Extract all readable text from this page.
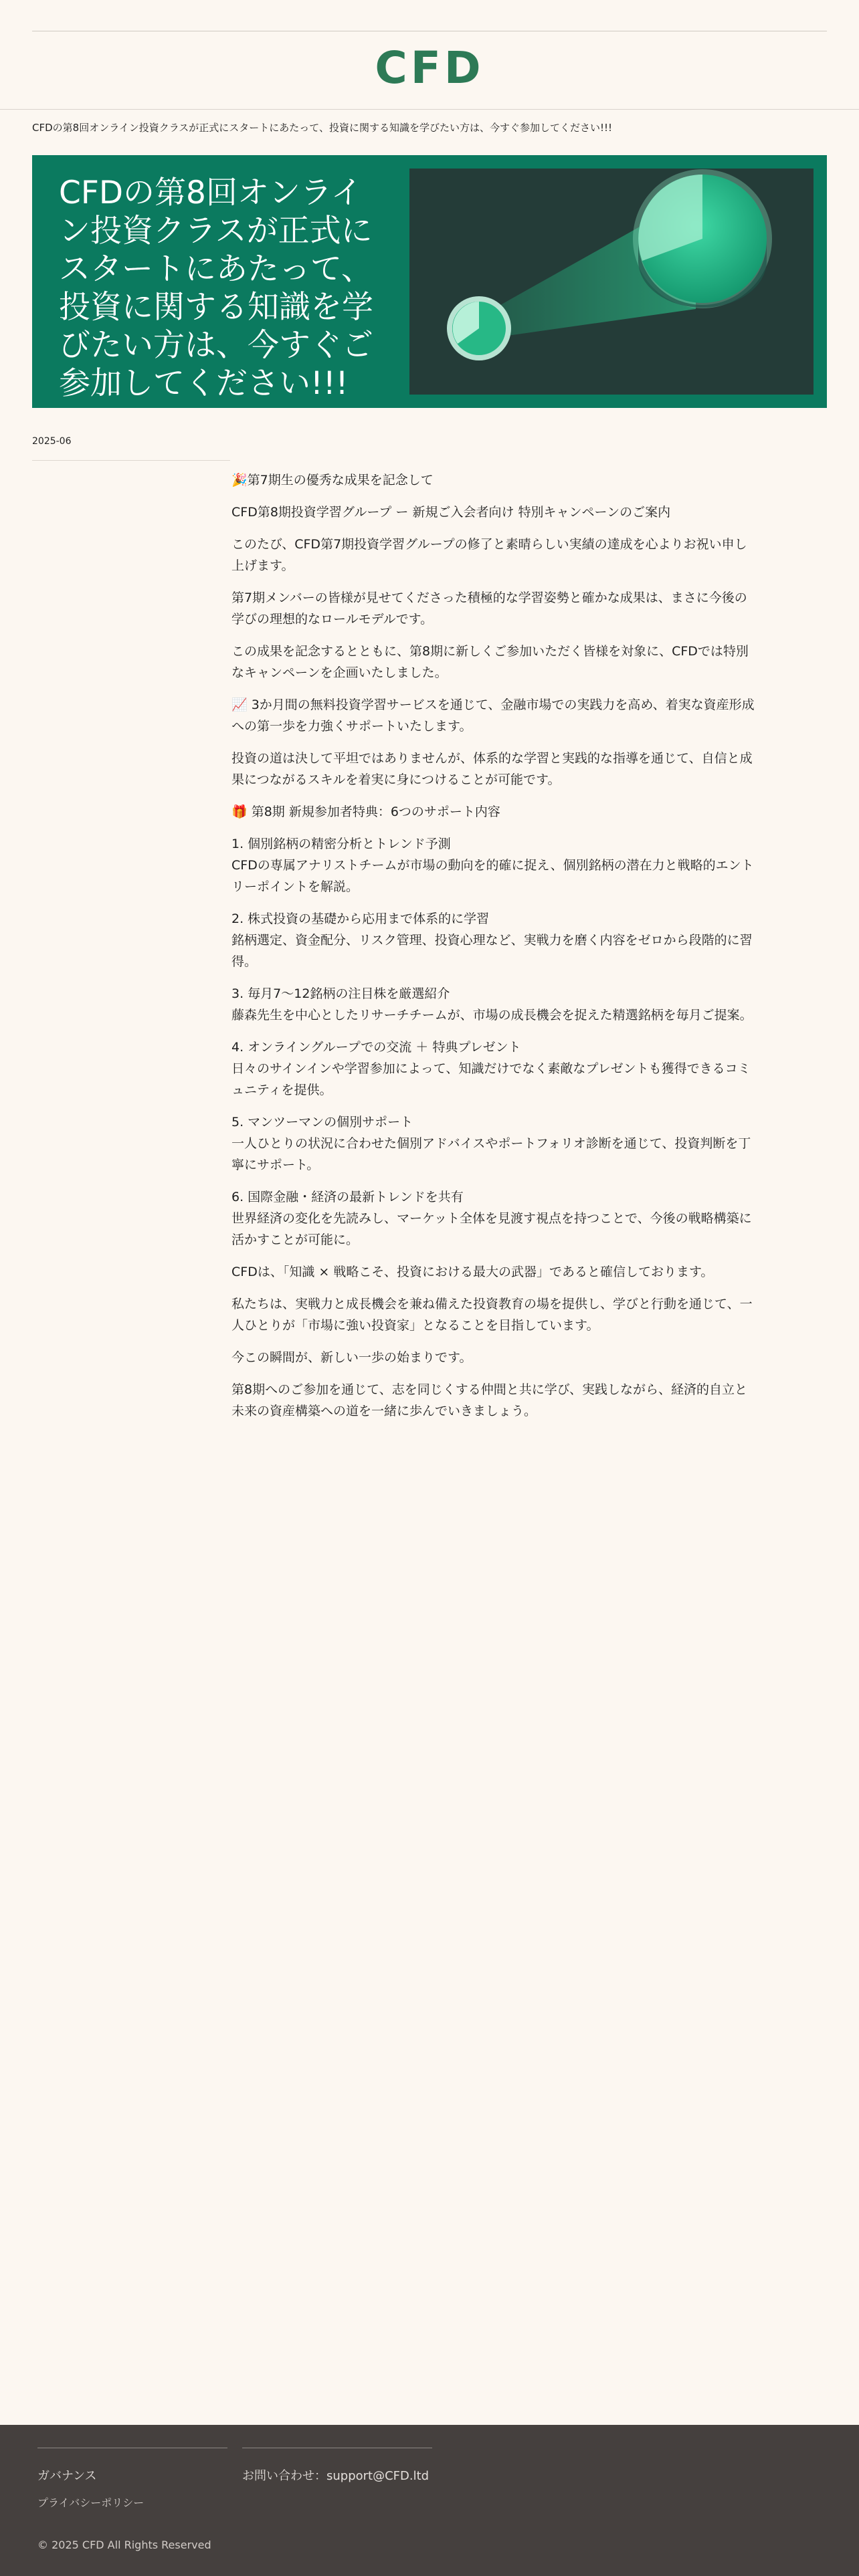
CFD
CFDの第8回オンライン投資クラスが正式にスタートにあたって、投資に関する知識を学びたい方は、今すぐ参加してください!!!
CFDの第8回オンライン投資クラスが正式にスタートにあたって、投資に関する知識を学びたい方は、今すぐご参加してください!!!
2025-06

🎉第7期生の優秀な成果を記念して

CFD第8期投資学習グループ ー 新規ご入会者向け 特別キャンペーンのご案内

このたび、CFD第7期投資学習グループの修了と素晴らしい実績の達成を心よりお祝い申し上げます。

第7期メンバーの皆様が見せてくださった積極的な学習姿勢と確かな成果は、まさに今後の学びの理想的なロールモデルです。

この成果を記念するとともに、第8期に新しくご参加いただく皆様を対象に、CFDでは特別なキャンペーンを企画いたしました。

📈 3か月間の無料投資学習サービスを通じて、金融市場での実践力を高め、着実な資産形成への第一歩を力強くサポートいたします。

投資の道は決して平坦ではありませんが、体系的な学習と実践的な指導を通じて、自信と成果につながるスキルを着実に身につけることが可能です。

🎁 第8期 新規参加者特典：6つのサポート内容

1. 個別銘柄の精密分析とトレンド予測
CFDの専属アナリストチームが市場の動向を的確に捉え、個別銘柄の潜在力と戦略的エントリーポイントを解説。

2. 株式投資の基礎から応用まで体系的に学習
銘柄選定、資金配分、リスク管理、投資心理など、実戦力を磨く内容をゼロから段階的に習得。

3. 毎月7〜12銘柄の注目株を厳選紹介
藤森先生を中心としたリサーチチームが、市場の成長機会を捉えた精選銘柄を毎月ご提案。

4. オンライングループでの交流 ＋ 特典プレゼント
日々のサインインや学習参加によって、知識だけでなく素敵なプレゼントも獲得できるコミュニティを提供。

5. マンツーマンの個別サポート
一人ひとりの状況に合わせた個別アドバイスやポートフォリオ診断を通じて、投資判断を丁寧にサポート。

6. 国際金融・経済の最新トレンドを共有
世界経済の変化を先読みし、マーケット全体を見渡す視点を持つことで、今後の戦略構築に活かすことが可能に。

CFDは、「知識 × 戦略こそ、投資における最大の武器」であると確信しております。

私たちは、実戦力と成長機会を兼ね備えた投資教育の場を提供し、学びと行動を通じて、一人ひとりが「市場に強い投資家」となることを目指しています。

今この瞬間が、新しい一歩の始まりです。

第8期へのご参加を通じて、志を同じくする仲間と共に学び、実践しながら、経済的自立と未来の資産構築への道を一緒に歩んでいきましょう。

ガバナンス
プライバシーポリシー
お問い合わせ：support@CFD.ltd
© 2025 CFD All Rights Reserved
